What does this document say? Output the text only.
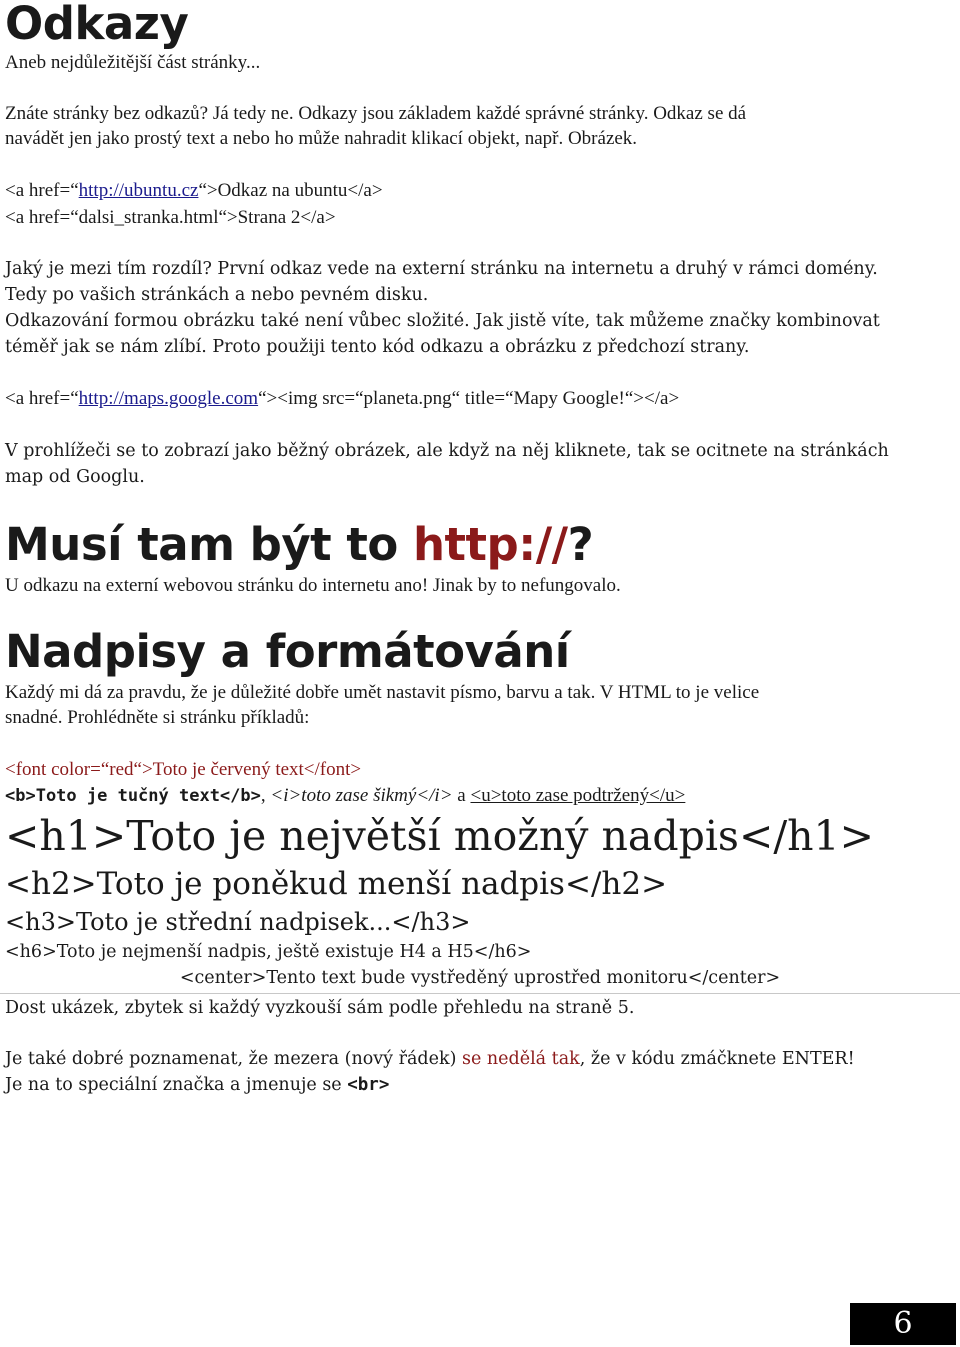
Odkazy
Aneb nejdůležitější část stránky...
Znáte stránky bez odkazů? Já tedy ne. Odkazy jsou základem každé správné stránky. Odkaz se dá
navádět jen jako prostý text a nebo ho může nahradit klikací objekt, např. Obrázek.
<a href=“http://ubuntu.cz“>Odkaz na ubuntu</a>
<a href=“dalsi_stranka.html“>Strana 2</a>
Jaký je mezi tím rozdíl? První odkaz vede na externí stránku na internetu a druhý v rámci domény.
Tedy po vašich stránkách a nebo pevném disku.
Odkazování formou obrázku také není vůbec složité. Jak jistě víte, tak můžeme značky kombinovat
téměř jak se nám zlíbí. Proto použiji tento kód odkazu a obrázku z předchozí strany.
<a href=“http://maps.google.com“><img src=“planeta.png“ title=“Mapy Google!“></a>
V prohlížeči se to zobrazí jako běžný obrázek, ale když na něj kliknete, tak se ocitnete na stránkách
map od Googlu.
Musí tam být to http://?
U odkazu na externí webovou stránku do internetu ano! Jinak by to nefungovalo.
Nadpisy a formátování
Každý mi dá za pravdu, že je důležité dobře umět nastavit písmo, barvu a tak. V HTML to je velice
snadné. Prohlédněte si stránku příkladů:
<font color=“red“>Toto je červený text</font>
<b>Toto je tučný text</b>, <i>toto zase šikmý</i> a <u>toto zase podtržený</u>
<h1>Toto je největší možný nadpis</h1>
<h2>Toto je poněkud menší nadpis</h2>
<h3>Toto je střední nadpisek...</h3>
<h6>Toto je nejmenší nadpis, ještě existuje H4 a H5</h6>
<center>Tento text bude vystředěný uprostřed monitoru</center>
Dost ukázek, zbytek si každý vyzkouší sám podle přehledu na straně 5.
Je také dobré poznamenat, že mezera (nový řádek) se nedělá tak, že v kódu zmáčknete ENTER!
Je na to speciální značka a jmenuje se <br>
6
